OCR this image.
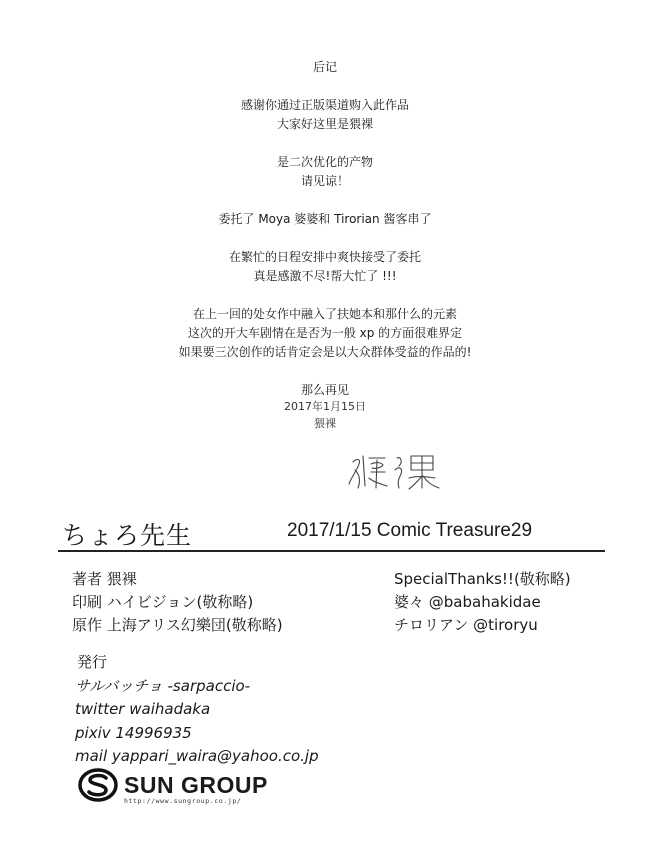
后记
感谢你通过正版渠道购入此作品
大家好这里是猥裸
是二次优化的产物
请见谅！
委托了 Moya 婆婆和 Tirorian 酱客串了
在繁忙的日程安排中爽快接受了委托
真是感激不尽!帮大忙了 !!!
在上一回的处女作中融入了扶她本和那什么的元素
这次的开大车剧情在是否为一般 xp 的方面很难界定
如果要三次创作的话肯定会是以大众群体受益的作品的!
那么再见
2017年1月15日
猥裸
ちょろ先生	2017/1/15 Comic Treasure29
著者 猥裸
印刷 ハイビジョン(敬称略)
原作 上海アリス幻樂団(敬称略)
SpecialThanks!!(敬称略)
婆々 @babahakidae
チロリアン @tiroryu
発行
サルバッチョ -sarpaccio-
twitter waihadaka
pixiv 14996935
mail yappari_waira@yahoo.co.jp
SUN GROUP
http://www.sungroup.co.jp/
